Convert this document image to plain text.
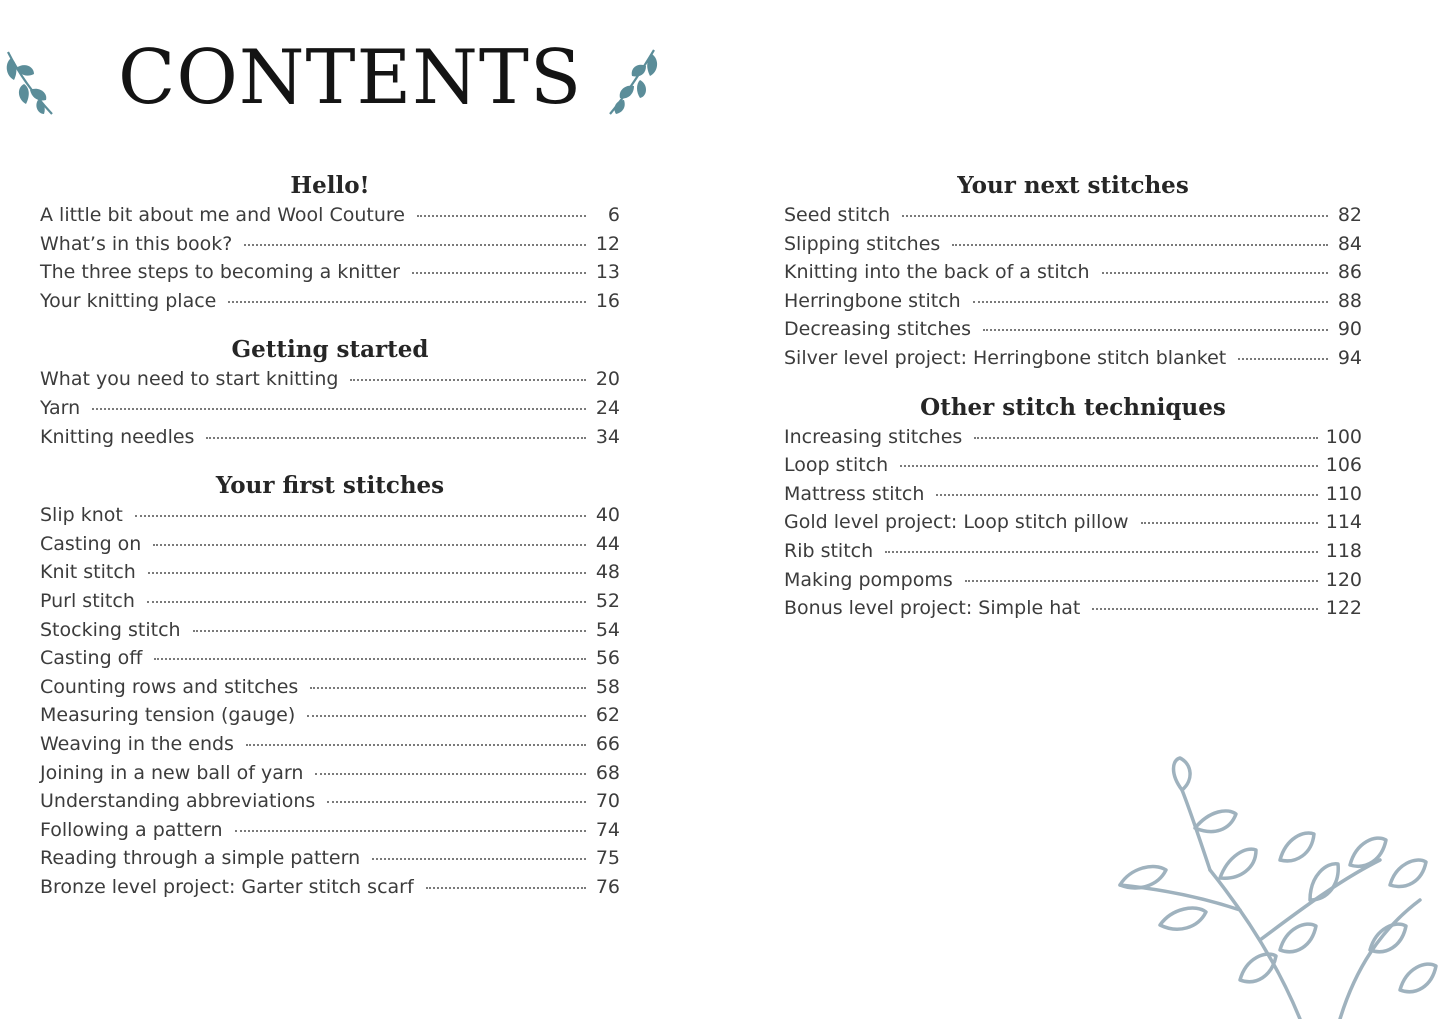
CONTENTS
Hello!
A little bit about me and Wool Couture	6
What’s in this book?	12
The three steps to becoming a knitter	13
Your knitting place	16
Getting started
What you need to start knitting	20
Yarn	24
Knitting needles	34
Your first stitches
Slip knot	40
Casting on	44
Knit stitch	48
Purl stitch	52
Stocking stitch	54
Casting off	56
Counting rows and stitches	58
Measuring tension (gauge)	62
Weaving in the ends	66
Joining in a new ball of yarn	68
Understanding abbreviations	70
Following a pattern	74
Reading through a simple pattern	75
Bronze level project: Garter stitch scarf	76
Your next stitches
Seed stitch	82
Slipping stitches	84
Knitting into the back of a stitch	86
Herringbone stitch	88
Decreasing stitches	90
Silver level project: Herringbone stitch blanket	94
Other stitch techniques
Increasing stitches	100
Loop stitch	106
Mattress stitch	110
Gold level project: Loop stitch pillow	114
Rib stitch	118
Making pompoms	120
Bonus level project: Simple hat	122
